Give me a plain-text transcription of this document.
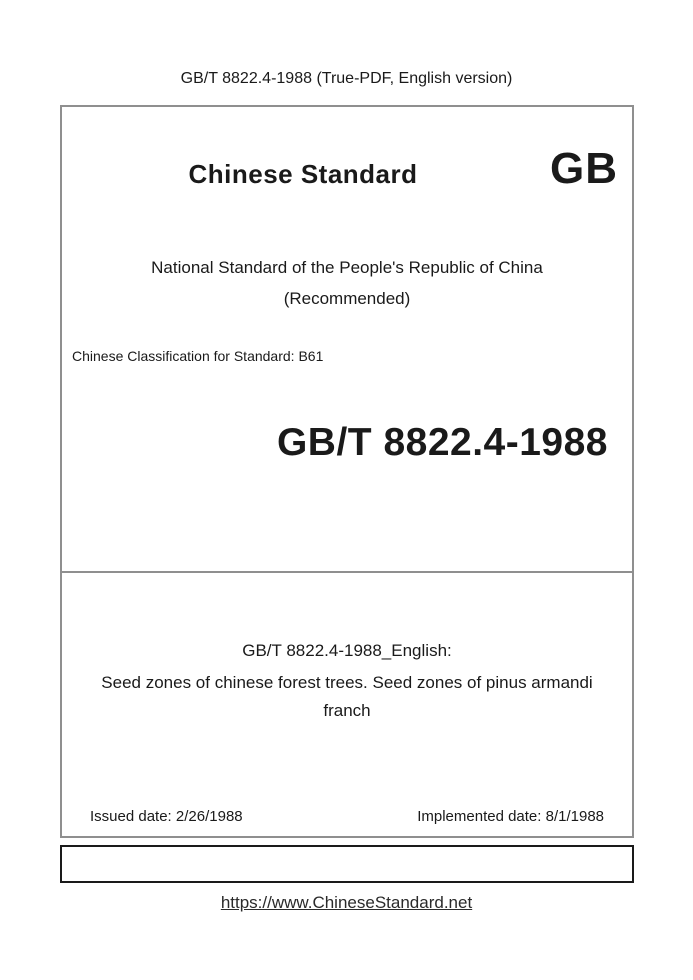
GB/T 8822.4-1988 (True-PDF, English version)
Chinese Standard	GB
National Standard of the People's Republic of China
(Recommended)
Chinese Classification for Standard: B61
GB/T 8822.4-1988
GB/T 8822.4-1988_English:
Seed zones of chinese forest trees. Seed zones of pinus armandi franch
Issued date: 2/26/1988	Implemented date: 8/1/1988
https://www.ChineseStandard.net
